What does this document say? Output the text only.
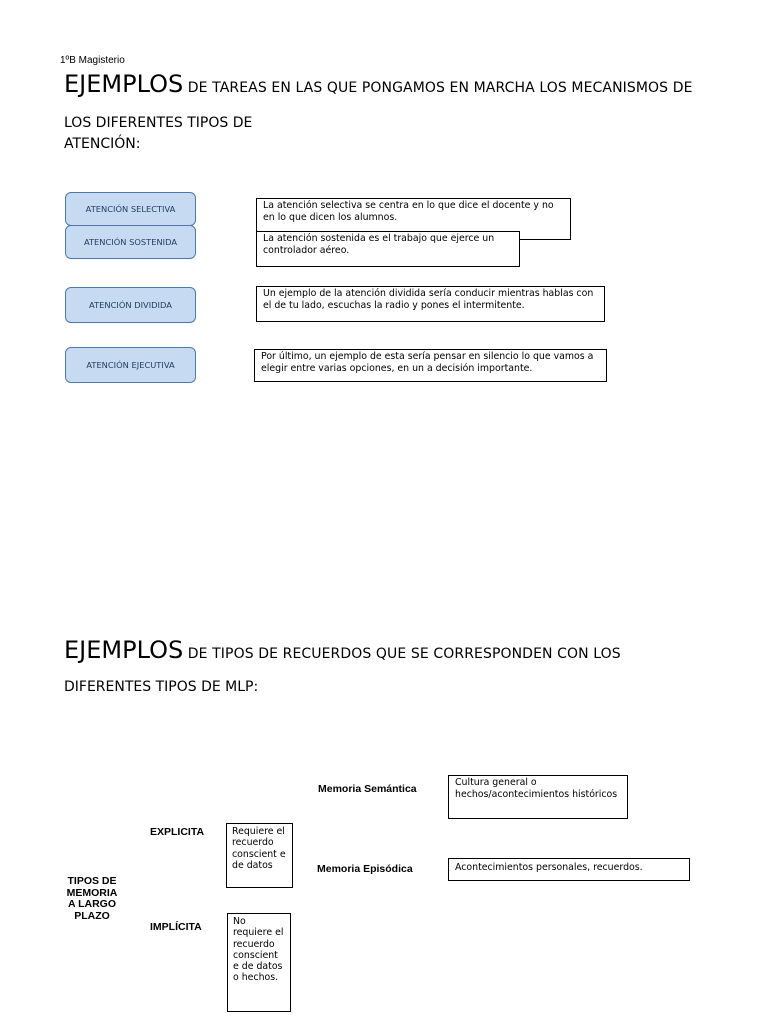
1ºB Magisterio
EJEMPLOS DE TAREAS EN LAS QUE PONGAMOS EN MARCHA LOS MECANISMOS DE
LOS DIFERENTES TIPOS DE
ATENCIÓN:
ATENCIÓN SELECTIVA
ATENCIÓN SOSTENIDA
ATENCIÓN DIVIDIDA
ATENCIÓN EJECUTIVA
La atención selectiva se centra en lo que dice el docente y no en lo que dicen los alumnos.
La atención sostenida es el trabajo que ejerce un controlador aéreo.
Un ejemplo de la atención dividida sería conducir mientras hablas con el de tu lado, escuchas la radio y pones el intermitente.
Por último, un ejemplo de esta sería pensar en silencio lo que vamos a elegir entre varias opciones, en un a decisión importante.
EJEMPLOS DE TIPOS DE RECUERDOS QUE SE CORRESPONDEN CON LOS
DIFERENTES TIPOS DE MLP:
TIPOS DE MEMORIA A LARGO PLAZO
EXPLICITA	Requiere el recuerdo conscient e de datos
IMPLÍCITA	No requiere el recuerdo conscient e de datos o hechos.
Memoria Semántica
Cultura general o hechos/acontecimientos históricos
Memoria Episódica	Acontecimientos personales, recuerdos.
